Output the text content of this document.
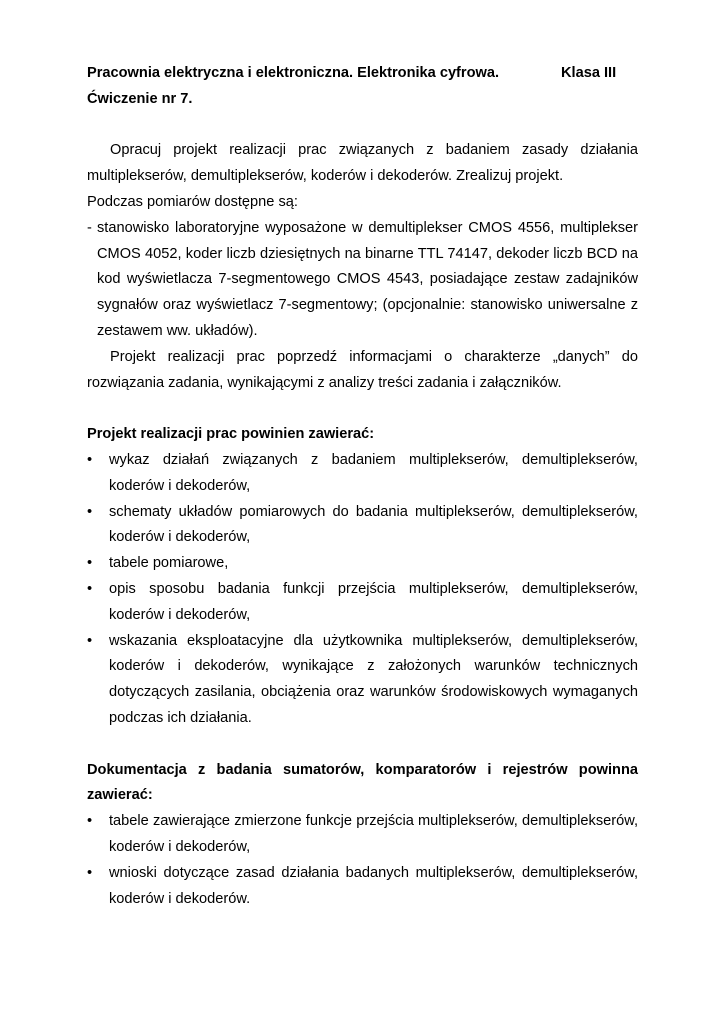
Pracownia elektryczna i elektroniczna. Elektronika cyfrowa.	Klasa III

Ćwiczenie nr 7.

Opracuj projekt realizacji prac związanych z badaniem zasady działania multiplekserów, demultiplekserów, koderów i dekoderów. Zrealizuj projekt.

Podczas pomiarów dostępne są:

- stanowisko laboratoryjne wyposażone w demultiplekser CMOS 4556, multiplekser CMOS 4052, koder liczb dziesiętnych na binarne TTL 74147, dekoder liczb BCD na kod wyświetlacza 7-segmentowego CMOS 4543, posiadające zestaw zadajników sygnałów oraz wyświetlacz 7-segmentowy; (opcjonalnie: stanowisko uniwersalne z zestawem ww. układów).

Projekt realizacji prac poprzedź informacjami o charakterze „danych” do rozwiązania zadania, wynikającymi z analizy treści zadania i załączników.

Projekt realizacji prac powinien zawierać:

• wykaz działań związanych z badaniem multiplekserów, demultiplekserów, koderów i dekoderów,
• schematy układów pomiarowych do badania multiplekserów, demultiplekserów, koderów i dekoderów,
• tabele pomiarowe,
• opis sposobu badania funkcji przejścia multiplekserów, demultiplekserów, koderów i dekoderów,
• wskazania eksploatacyjne dla użytkownika multiplekserów, demultiplekserów, koderów i dekoderów, wynikające z założonych warunków technicznych dotyczących zasilania, obciążenia oraz warunków środowiskowych wymaganych podczas ich działania.

Dokumentacja z badania sumatorów, komparatorów i rejestrów powinna zawierać:

• tabele zawierające zmierzone funkcje przejścia multiplekserów, demultiplekserów, koderów i dekoderów,
• wnioski dotyczące zasad działania badanych multiplekserów, demultiplekserów, koderów i dekoderów.
